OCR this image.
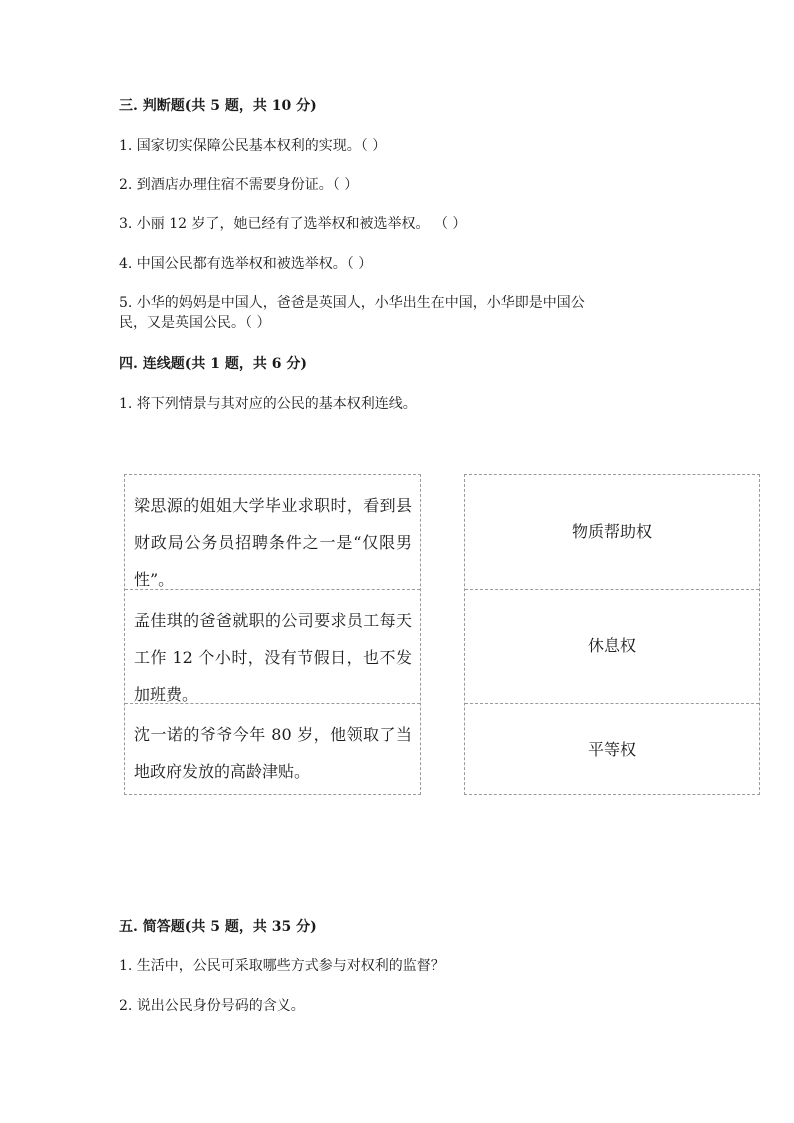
三. 判断题(共 5 题，共 10 分)
1. 国家切实保障公民基本权利的实现。（ ）
2. 到酒店办理住宿不需要身份证。（ ）
3. 小丽 12 岁了，她已经有了选举权和被选举权。 （ ）
4. 中国公民都有选举权和被选举权。（ ）
5. 小华的妈妈是中国人，爸爸是英国人，小华出生在中国，小华即是中国公
民，又是英国公民。（ ）
四. 连线题(共 1 题，共 6 分)
1. 将下列情景与其对应的公民的基本权利连线。
梁思源的姐姐大学毕业求职时，看到县财政局公务员招聘条件之一是“仅限男性”。
孟佳琪的爸爸就职的公司要求员工每天工作 12 个小时，没有节假日，也不发加班费。
沈一诺的爷爷今年 80 岁，他领取了当地政府发放的高龄津贴。
物质帮助权
休息权
平等权
五. 简答题(共 5 题，共 35 分)
1. 生活中，公民可采取哪些方式参与对权利的监督？
2. 说出公民身份号码的含义。
